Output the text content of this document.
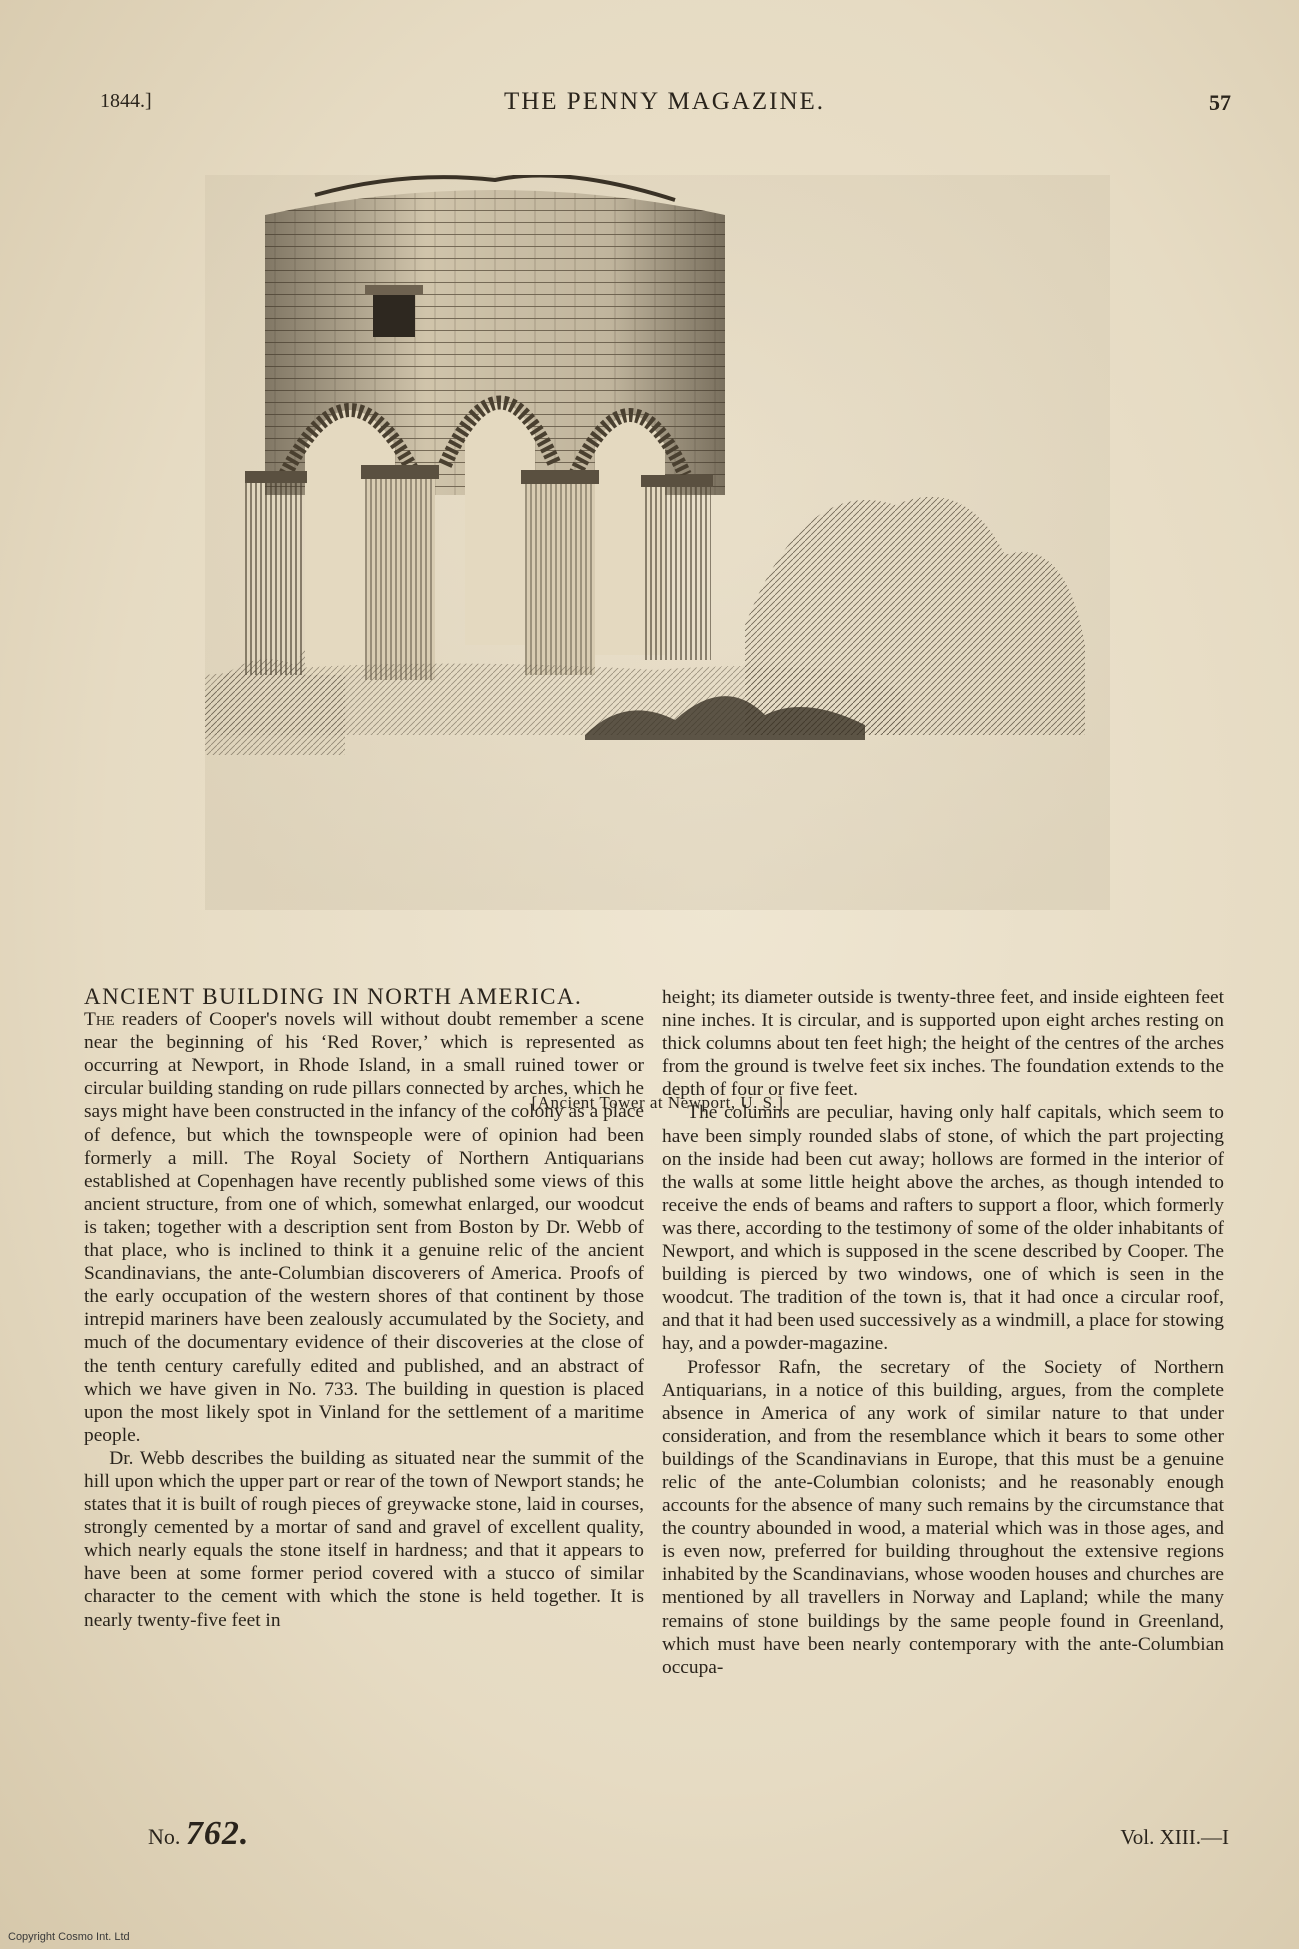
1844.]	THE PENNY MAGAZINE.	57
[Ancient Tower at Newport, U. S.]

ANCIENT BUILDING IN NORTH AMERICA.

The readers of Cooper's novels will without doubt remember a scene near the beginning of his ‘Red Rover,’ which is represented as occurring at Newport, in Rhode Island, in a small ruined tower or circular building standing on rude pillars connected by arches, which he says might have been constructed in the infancy of the colony as a place of defence, but which the townspeople were of opinion had been formerly a mill. The Royal Society of Northern Antiquarians established at Copenhagen have recently published some views of this ancient structure, from one of which, somewhat enlarged, our woodcut is taken; together with a description sent from Boston by Dr. Webb of that place, who is inclined to think it a genuine relic of the ancient Scandinavians, the ante-Columbian discoverers of America. Proofs of the early occupation of the western shores of that continent by those intrepid mariners have been zealously accumulated by the Society, and much of the documentary evidence of their discoveries at the close of the tenth century carefully edited and published, and an abstract of which we have given in No. 733. The building in question is placed upon the most likely spot in Vinland for the settlement of a maritime people.

Dr. Webb describes the building as situated near the summit of the hill upon which the upper part or rear of the town of Newport stands; he states that it is built of rough pieces of greywacke stone, laid in courses, strongly cemented by a mortar of sand and gravel of excellent quality, which nearly equals the stone itself in hardness; and that it appears to have been at some former period covered with a stucco of similar character to the cement with which the stone is held together. It is nearly twenty-five feet in

height; its diameter outside is twenty-three feet, and inside eighteen feet nine inches. It is circular, and is supported upon eight arches resting on thick columns about ten feet high; the height of the centres of the arches from the ground is twelve feet six inches. The foundation extends to the depth of four or five feet.

The columns are peculiar, having only half capitals, which seem to have been simply rounded slabs of stone, of which the part projecting on the inside had been cut away; hollows are formed in the interior of the walls at some little height above the arches, as though intended to receive the ends of beams and rafters to support a floor, which formerly was there, according to the testimony of some of the older inhabitants of Newport, and which is supposed in the scene described by Cooper. The building is pierced by two windows, one of which is seen in the woodcut. The tradition of the town is, that it had once a circular roof, and that it had been used successively as a windmill, a place for stowing hay, and a powder-magazine.

Professor Rafn, the secretary of the Society of Northern Antiquarians, in a notice of this building, argues, from the complete absence in America of any work of similar nature to that under consideration, and from the resemblance which it bears to some other buildings of the Scandinavians in Europe, that this must be a genuine relic of the ante-Columbian colonists; and he reasonably enough accounts for the absence of many such remains by the circumstance that the country abounded in wood, a material which was in those ages, and is even now, preferred for building throughout the extensive regions inhabited by the Scandinavians, whose wooden houses and churches are mentioned by all travellers in Norway and Lapland; while the many remains of stone buildings by the same people found in Greenland, which must have been nearly contemporary with the ante-Columbian occupa-

No. 762.	Vol. XIII.—I
Copyright Cosmo Int. Ltd
